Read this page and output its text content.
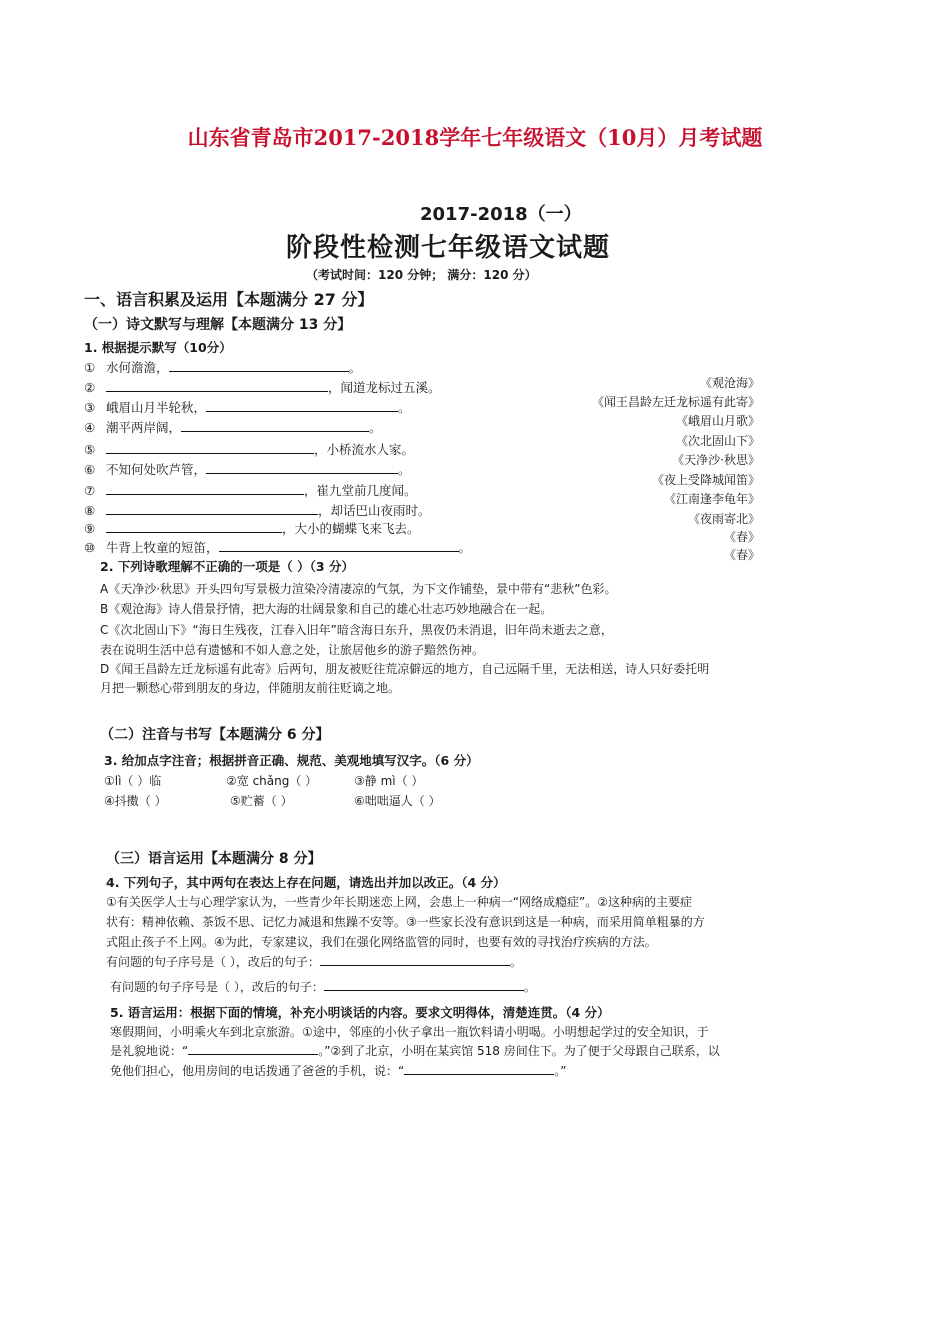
山东省青岛市2017-2018学年七年级语文（10月）月考试题
2017-2018（一）
阶段性检测七年级语文试题
（考试时间：120 分钟； 满分：120 分）
一、语言积累及运用【本题满分 27 分】
（一）诗文默写与理解【本题满分 13 分】
1. 根据提示默写（10分）
① 水何澹澹，	。
②	，闻道龙标过五溪。
③ 峨眉山月半轮秋，	。
④ 潮平两岸阔，	。
⑤	，小桥流水人家。
⑥ 不知何处吹芦管，	。
⑦	，崔九堂前几度闻。
⑧	，却话巴山夜雨时。
⑨	，大小的蝴蝶飞来飞去。
⑩ 牛背上牧童的短笛，	。
《观沧海》
《闻王昌龄左迁龙标遥有此寄》
《峨眉山月歌》
《次北固山下》
《天净沙·秋思》
《夜上受降城闻笛》
《江南逢李龟年》
《夜雨寄北》
《春》
《春》
2. 下列诗歌理解不正确的一项是（ ）（3 分）
A《天净沙·秋思》开头四句写景极力渲染冷清凄凉的气氛，为下文作铺垫，景中带有“悲秋”色彩。
B《观沧海》诗人借景抒情，把大海的壮阔景象和自己的雄心壮志巧妙地融合在一起。
C《次北固山下》“海日生残夜，江春入旧年”暗含海日东升，黑夜仍未消退，旧年尚未逝去之意，
表在说明生活中总有遗憾和不如人意之处，让旅居他乡的游子黯然伤神。
D《闻王昌龄左迁龙标遥有此寄》后两句，朋友被贬往荒凉僻远的地方，自己远隔千里，无法相送，诗人只好委托明
月把一颗愁心带到朋友的身边，伴随朋友前往贬谪之地。
（二）注音与书写【本题满分 6 分】
3. 给加点字注音；根据拼音正确、规范、美观地填写汉字。（6 分）
①lì（ ）临	②宽 chǎng（ ）	③静 mì（ ）
④抖擞（ ）	⑤贮蓄（ ）	⑥咄咄逼人（ ）
（三）语言运用【本题满分 8 分】
4. 下列句子，其中两句在表达上存在问题，请选出并加以改正。（4 分）
①有关医学人士与心理学家认为，一些青少年长期迷恋上网，会患上一种病一“网络成瘾症”。②这种病的主要症
状有：精神依赖、茶饭不思、记忆力减退和焦躁不安等。③一些家长没有意识到这是一种病，而采用简单粗暴的方
式阻止孩子不上网。④为此，专家建议，我们在强化网络监管的同时，也要有效的寻找治疗疾病的方法。
有问题的句子序号是（ ），改后的句子：	。
有问题的句子序号是（ ），改后的句子：	。
5. 语言运用：根据下面的情境，补充小明谈话的内容。要求文明得体，清楚连贯。（4 分）
寒假期间，小明乘火车到北京旅游。①途中，邻座的小伙子拿出一瓶饮料请小明喝。小明想起学过的安全知识，于
是礼貌地说：“	。”②到了北京，小明在某宾馆 518 房间住下。为了便于父母跟自己联系，以
免他们担心，他用房间的电话拨通了爸爸的手机，说：“	。”
